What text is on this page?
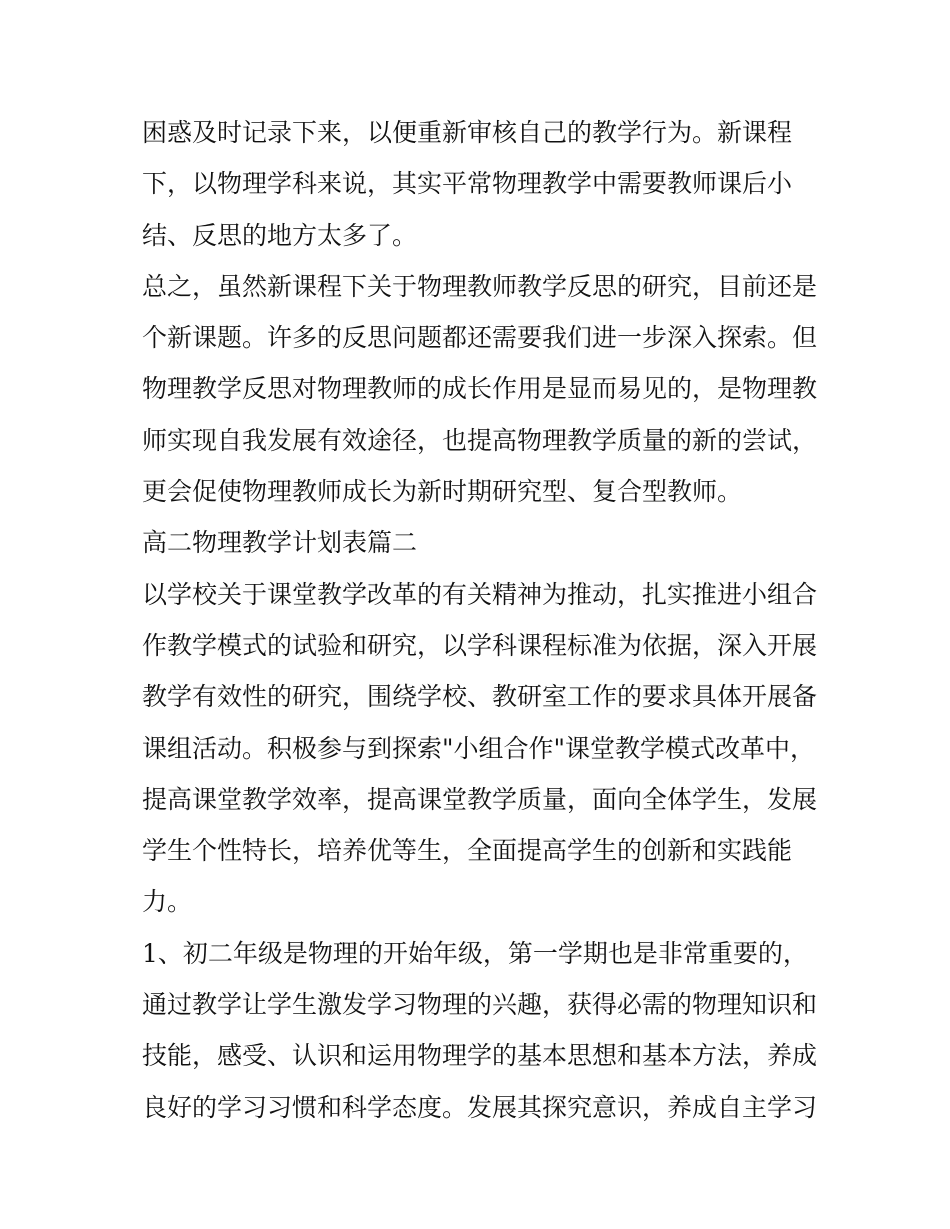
困惑及时记录下来，以便重新审核自己的教学行为。新课程
下，以物理学科来说，其实平常物理教学中需要教师课后小
结、反思的地方太多了。
总之，虽然新课程下关于物理教师教学反思的研究，目前还是
个新课题。许多的反思问题都还需要我们进一步深入探索。但
物理教学反思对物理教师的成长作用是显而易见的，是物理教
师实现自我发展有效途径，也提高物理教学质量的新的尝试，
更会促使物理教师成长为新时期研究型、复合型教师。
高二物理教学计划表篇二
以学校关于课堂教学改革的有关精神为推动，扎实推进小组合
作教学模式的试验和研究，以学科课程标准为依据，深入开展
教学有效性的研究，围绕学校、教研室工作的要求具体开展备
课组活动。积极参与到探索"小组合作"课堂教学模式改革中，
提高课堂教学效率，提高课堂教学质量，面向全体学生，发展
学生个性特长，培养优等生，全面提高学生的创新和实践能
力。
1、初二年级是物理的开始年级，第一学期也是非常重要的，
通过教学让学生激发学习物理的兴趣，获得必需的物理知识和
技能，感受、认识和运用物理学的基本思想和基本方法，养成
良好的学习习惯和科学态度。发展其探究意识，养成自主学习
